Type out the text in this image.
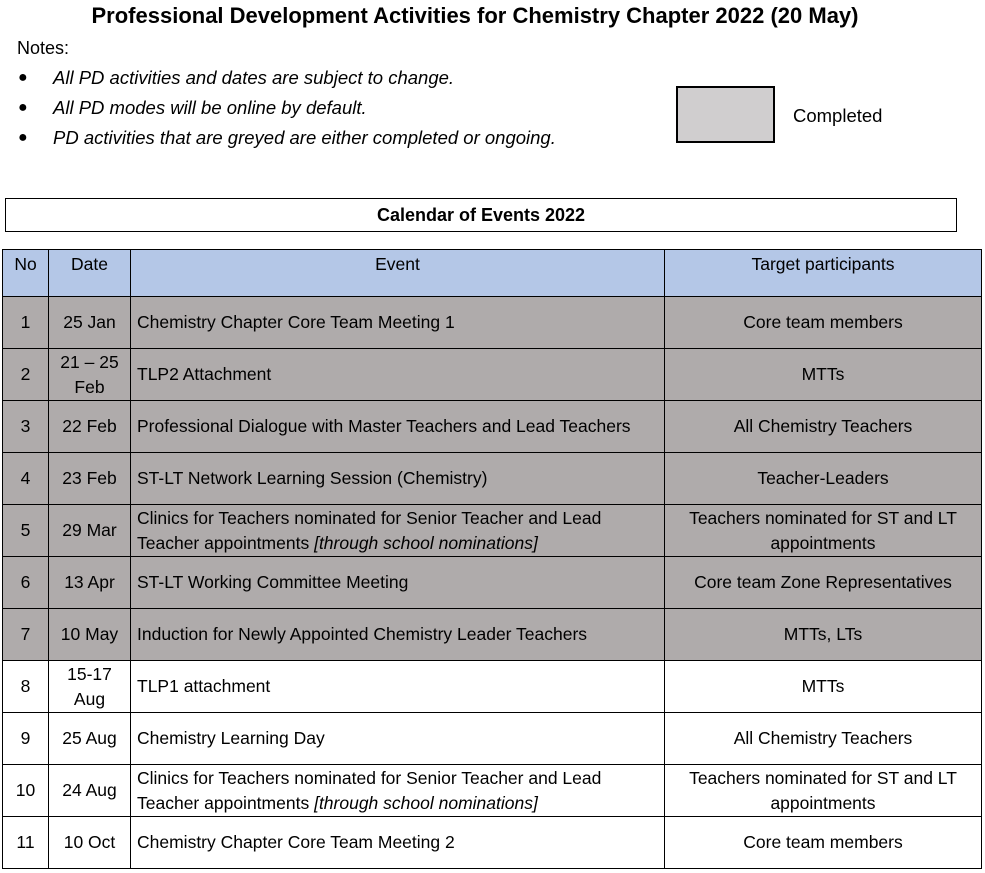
Professional Development Activities for Chemistry Chapter 2022 (20 May)
Notes:
● All PD activities and dates are subject to change.
● All PD modes will be online by default.
● PD activities that are greyed are either completed or ongoing.
Completed
Calendar of Events 2022
No	Date	Event	Target participants
1	25 Jan	Chemistry Chapter Core Team Meeting 1	Core team members
2	21 – 25 Feb	TLP2 Attachment	MTTs
3	22 Feb	Professional Dialogue with Master Teachers and Lead Teachers	All Chemistry Teachers
4	23 Feb	ST-LT Network Learning Session (Chemistry)	Teacher-Leaders
5	29 Mar	Clinics for Teachers nominated for Senior Teacher and Lead Teacher appointments [through school nominations]	Teachers nominated for ST and LT appointments
6	13 Apr	ST-LT Working Committee Meeting	Core team Zone Representatives
7	10 May	Induction for Newly Appointed Chemistry Leader Teachers	MTTs, LTs
8	15-17 Aug	TLP1 attachment	MTTs
9	25 Aug	Chemistry Learning Day	All Chemistry Teachers
10	24 Aug	Clinics for Teachers nominated for Senior Teacher and Lead Teacher appointments [through school nominations]	Teachers nominated for ST and LT appointments
11	10 Oct	Chemistry Chapter Core Team Meeting 2	Core team members
